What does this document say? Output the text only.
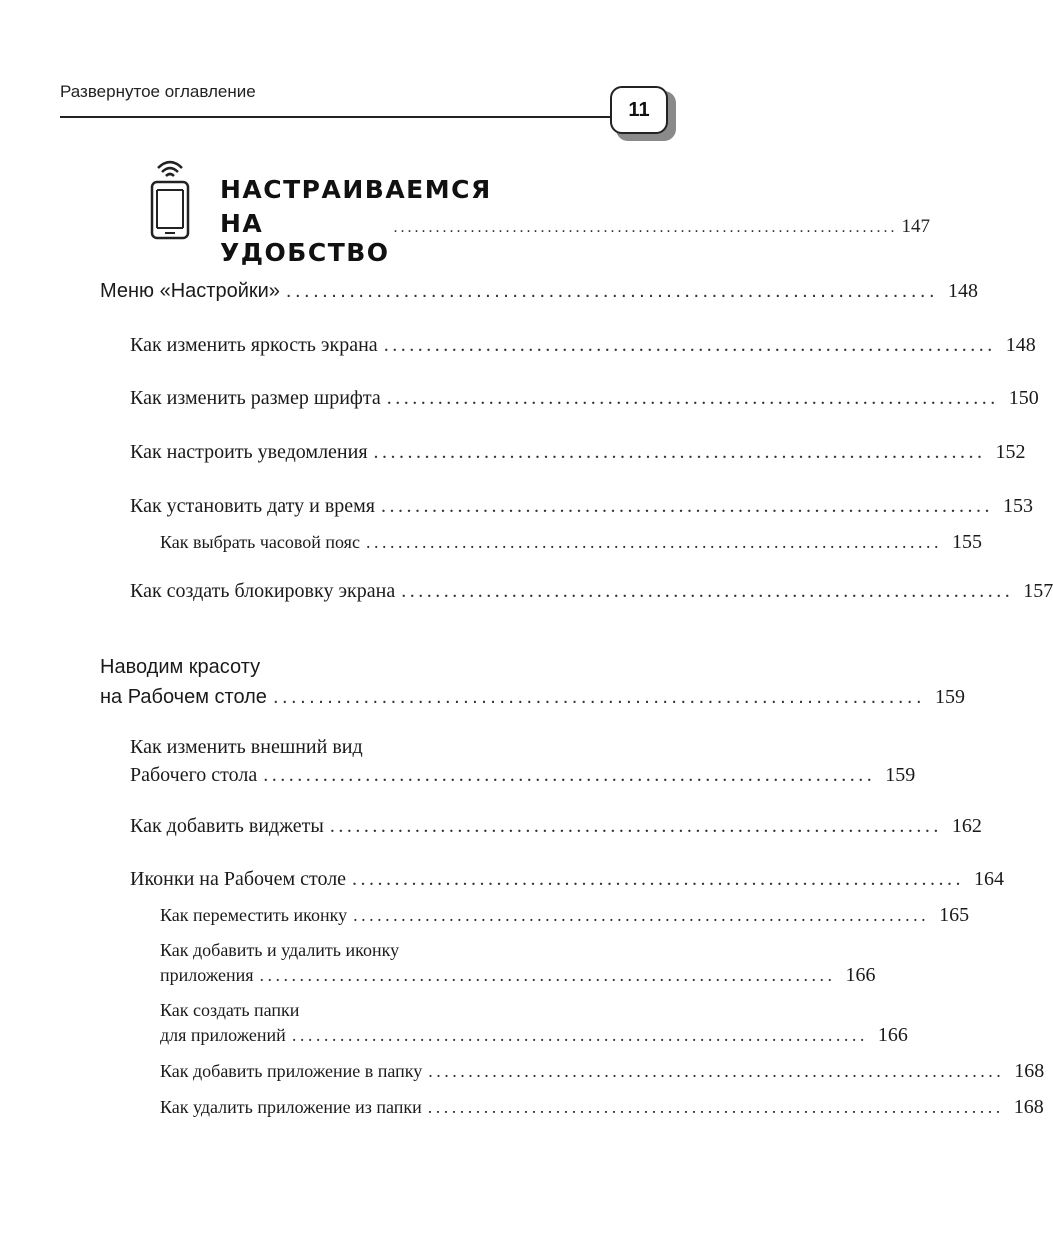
Развернутое оглавление
11
НАСТРАИВАЕМСЯ
НА УДОБСТВО
........................................................................ 147
Меню «Настройки» ........................................................................ 148
Как изменить яркость экрана ........................................................................ 148
Как изменить размер шрифта ........................................................................ 150
Как настроить уведомления ........................................................................ 152
Как установить дату и время ........................................................................ 153
Как выбрать часовой пояс ........................................................................ 155
Как создать блокировку экрана ........................................................................ 157
Наводим красоту
на Рабочем столе ........................................................................ 159
Как изменить внешний вид
Рабочего стола ........................................................................ 159
Как добавить виджеты ........................................................................ 162
Иконки на Рабочем столе ........................................................................ 164
Как переместить иконку ........................................................................ 165
Как добавить и удалить иконку
приложения ........................................................................ 166
Как создать папки
для приложений ........................................................................ 166
Как добавить приложение в папку ........................................................................ 168
Как удалить приложение из папки ........................................................................ 168
